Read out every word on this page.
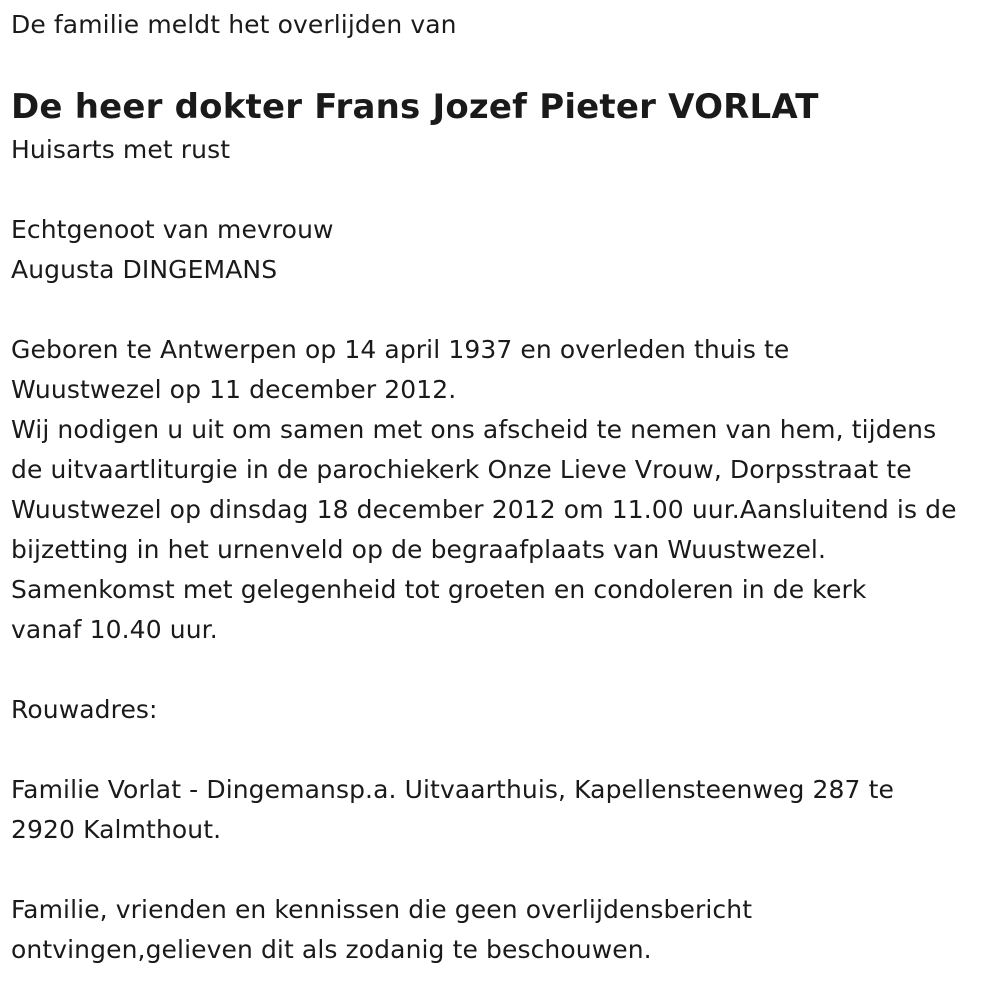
De familie meldt het overlijden van
De heer dokter Frans Jozef Pieter VORLAT
Huisarts met rust
Echtgenoot van mevrouw
Augusta DINGEMANS
Geboren te Antwerpen op 14 april 1937 en overleden thuis te
Wuustwezel op 11 december 2012.
Wij nodigen u uit om samen met ons afscheid te nemen van hem, tijdens
de uitvaartliturgie in de parochiekerk Onze Lieve Vrouw, Dorpsstraat te
Wuustwezel op dinsdag 18 december 2012 om 11.00 uur.Aansluitend is de
bijzetting in het urnenveld op de begraafplaats van Wuustwezel.
Samenkomst met gelegenheid tot groeten en condoleren in de kerk
vanaf 10.40 uur.
Rouwadres:
Familie Vorlat - Dingemansp.a. Uitvaarthuis, Kapellensteenweg 287 te
2920 Kalmthout.
Familie, vrienden en kennissen die geen overlijdensbericht
ontvingen,gelieven dit als zodanig te beschouwen.
